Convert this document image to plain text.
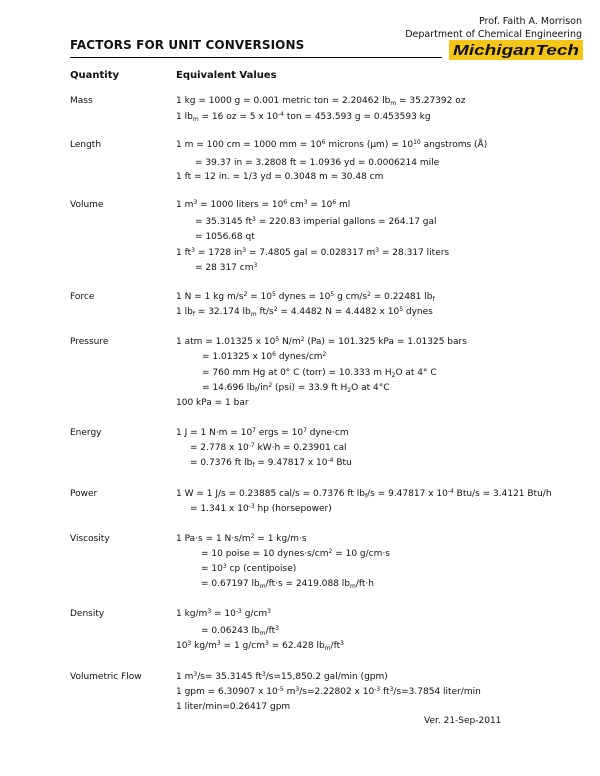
Prof. Faith A. Morrison
Department of Chemical Engineering
FACTORS FOR UNIT CONVERSIONS	MichiganTech
Quantity	Equivalent Values
Mass	1 kg = 1000 g = 0.001 metric ton = 2.20462 $lb_m = 35.27392$ oz
1 $lb_m = 16$ oz = 5 x $10^{-4}$ ton = 453.593 g = 0.453593 kg
Length	1 m = 100 cm = 1000 mm = $10^6$ microns $(\mu m) = 10^{10}$ angstroms (Å)
= 39.37 in = 3.2808 ft = 1.0936 yd = 0.0006214 mile
1 ft = 12 in. = 1/3 yd = 0.3048 m = 30.48 cm
Volume	1 $m^3 = 1000$ liters = $10^6$ $cm^3 = 10^6$ ml
= 35.3145 $ft^3 = 220.83$ imperial gallons = 264.17 gal
= 1056.68 qt
1 $ft^3 = 1728$ $in^3 = 7.4805$ gal = 0.028317 $m^3 = 28.317$ liters
= 28 317 $cm^3$
Force	1 N = 1 kg $m/s^2 = 10^5$ dynes = $10^5$ g $cm/s^2 = 0.22481$ $lb_f$
1 $lb_f = 32.174$ $lb_m$ $ft/s^2 = 4.4482$ N = 4.4482 x $10^5$ dynes
Pressure	1 atm = 1.01325 x $10^5$ $N/m^2$ (Pa) = 101.325 kPa = 1.01325 bars
= 1.01325 x $10^6$ dynes/$cm^2$
= 760 mm Hg at 0° C (torr) = 10.333 m $H_2O$ at 4° C
= 14.696 $lb_f/in^2$ (psi) = 33.9 ft $H_2O$ at 4°C
100 kPa = 1 bar
Energy	1 J = 1 $N\cdot m = 10^7$ ergs = $10^7$ dyne·cm
= 2.778 x $10^{-7}$ kW·h = 0.23901 cal
= 0.7376 ft $lb_f = 9.47817$ x $10^{-4}$ Btu
Power	1 W = 1 J/s = 0.23885 cal/s = 0.7376 ft $lb_f/s = 9.47817$ x $10^{-4}$ Btu/s = 3.4121 Btu/h
= 1.341 x $10^{-3}$ hp (horsepower)
Viscosity	1 Pa·s = 1 $N\cdot s/m^2 = 1$ kg/m·s
= 10 poise = 10 $dynes\cdot s/cm^2 = 10$ g/cm·s
= $10^3$ cp (centipoise)
= 0.67197 $lb_m/ft\cdot s = 2419.088$ $lb_m/ft\cdot h$
Density	1 $kg/m^3 = 10^{-3}$ $g/cm^3$
= 0.06243 $lb_m/ft^3$
$10^3$ $kg/m^3 = 1$ $g/cm^3 = 62.428$ $lb_m/ft^3$
Volumetric Flow	1 $m^3/s= 35.3145$ $ft^3/s=15,850.2$ gal/min (gpm)
1 gpm = 6.30907 x $10^{-5}$ $m^3/s=2.22802$ x $10^{-3}$ $ft^3/s=3.7854$ liter/min
1 liter/min=0.26417 gpm
Ver. 21-Sep-2011
